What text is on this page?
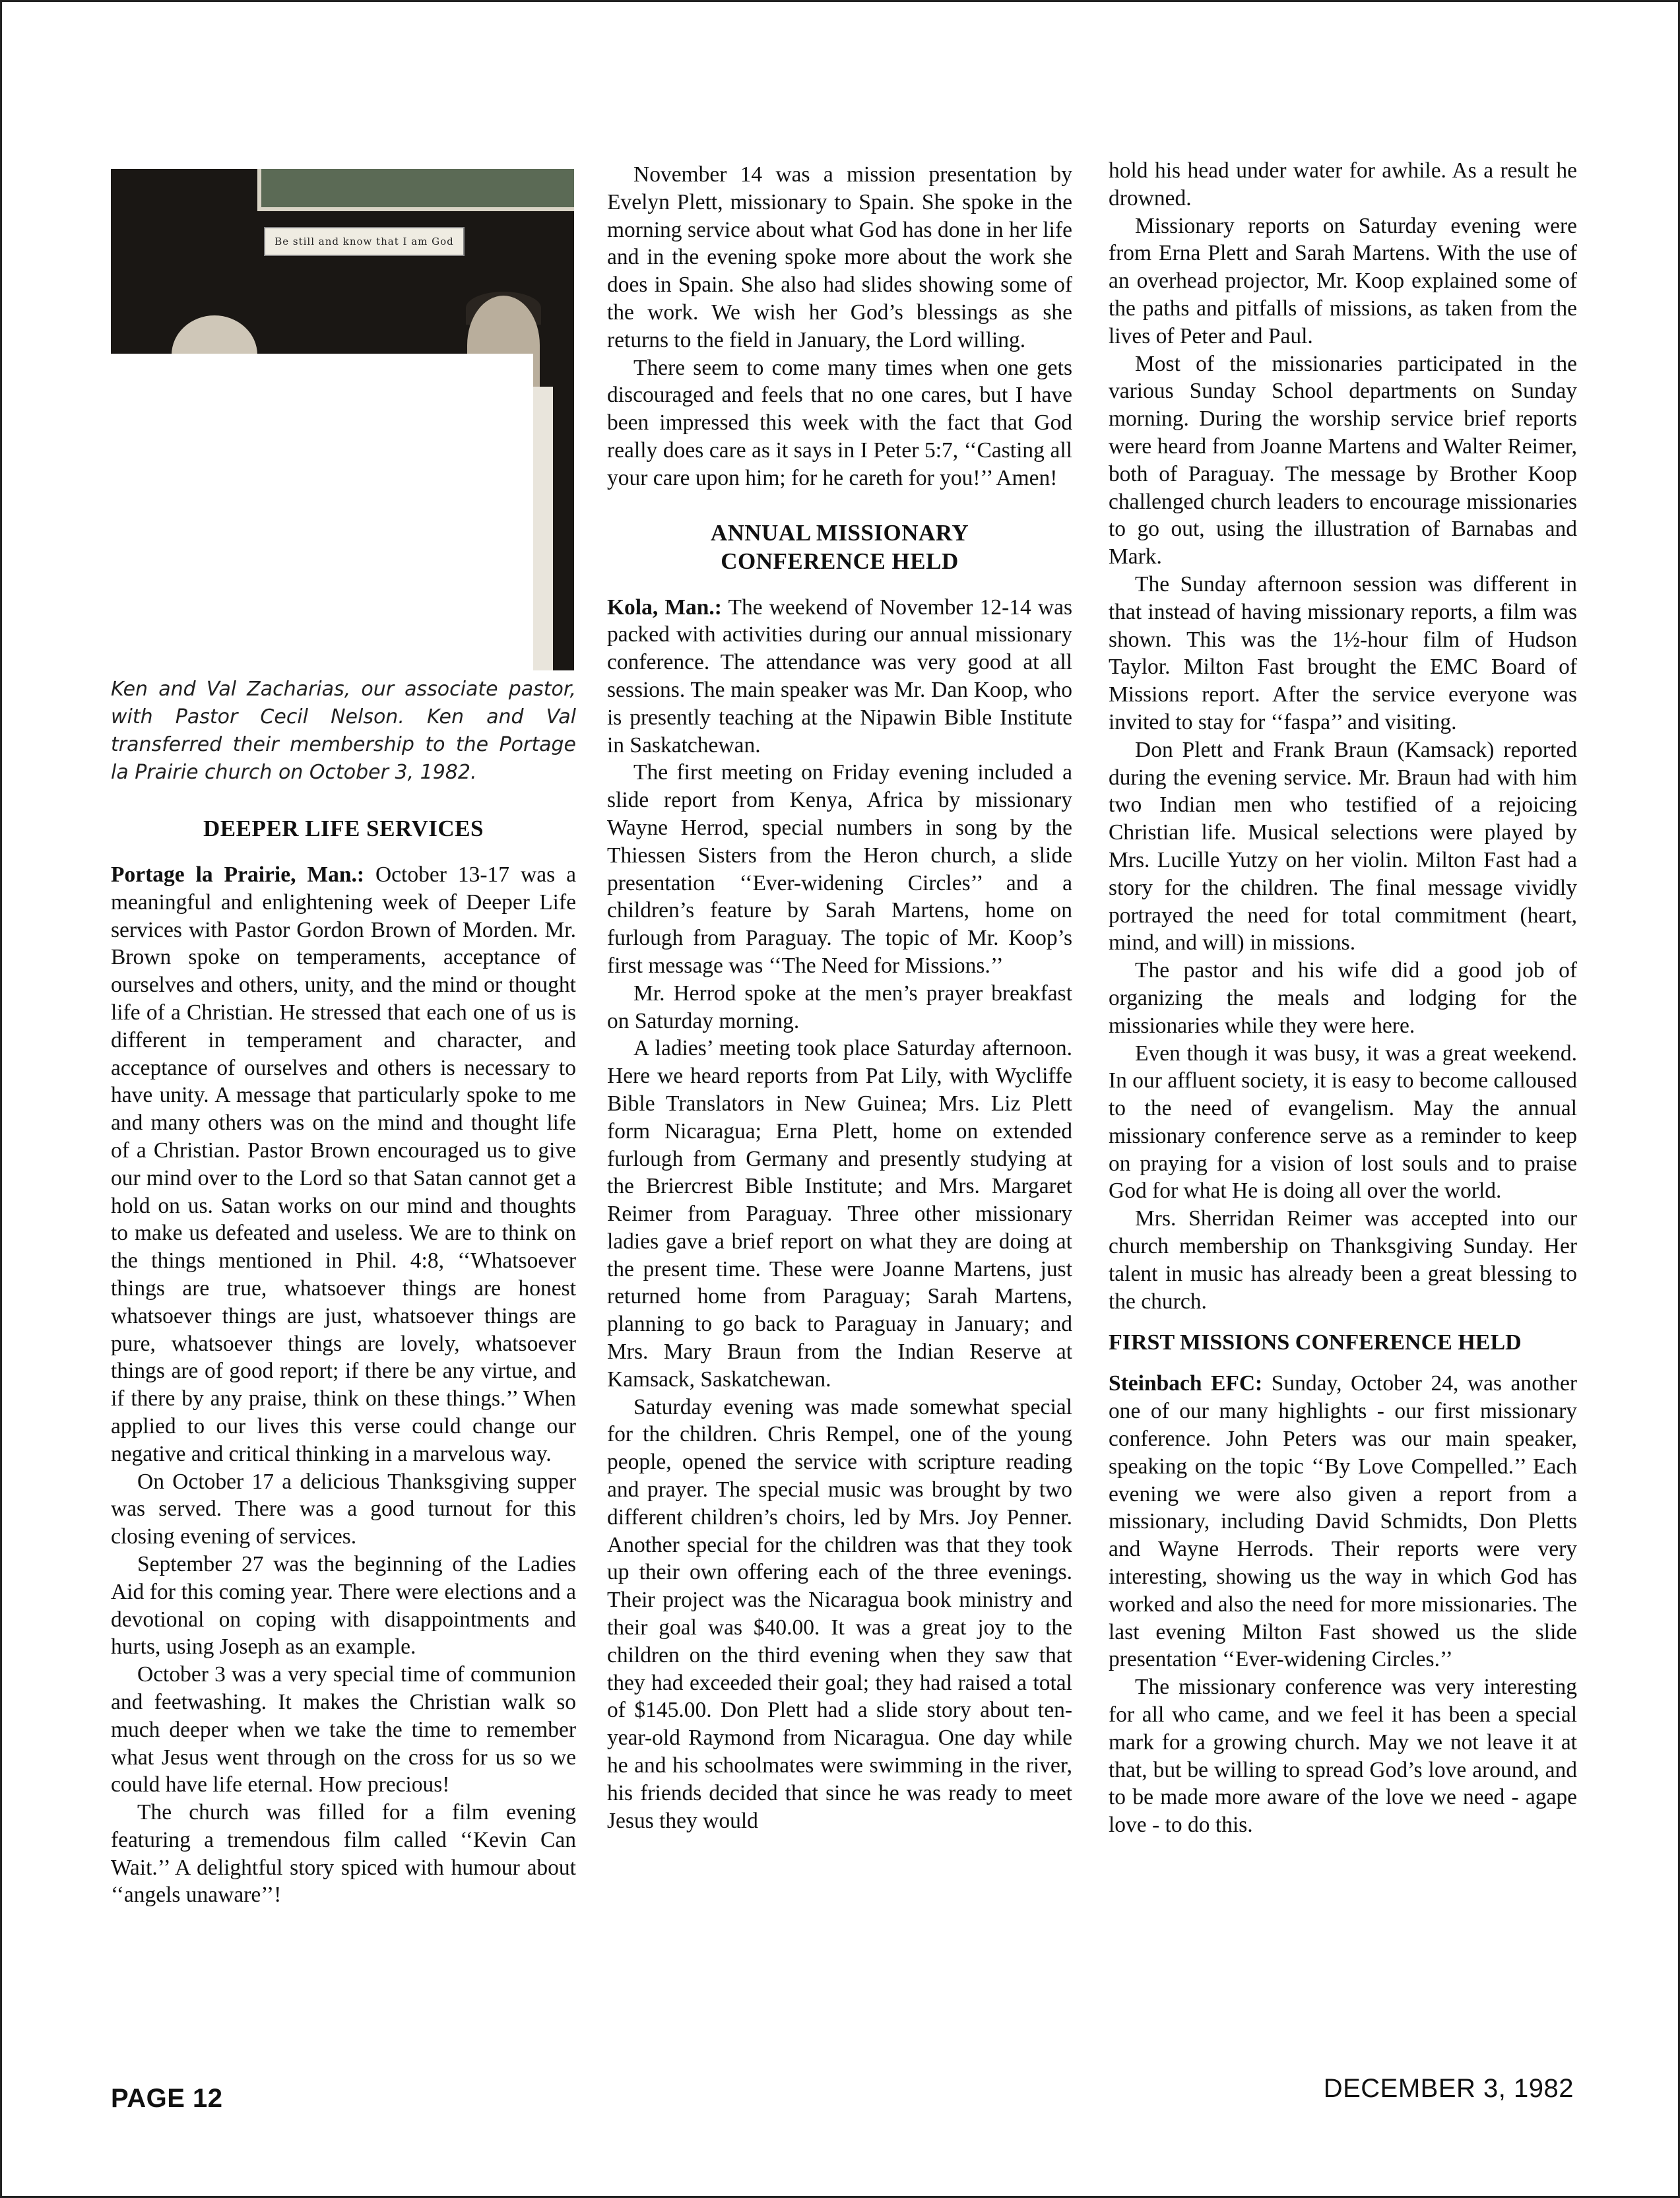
Be still and know that I am God

Ken and Val Zacharias, our associate pastor, with Pastor Cecil Nelson. Ken and Val transferred their membership to the Portage la Prairie church on October 3, 1982.

DEEPER LIFE SERVICES

Portage la Prairie, Man.: October 13-17 was a meaningful and enlightening week of Deeper Life services with Pastor Gordon Brown of Morden. Mr. Brown spoke on temperaments, acceptance of ourselves and others, unity, and the mind or thought life of a Christian. He stressed that each one of us is different in temperament and character, and acceptance of ourselves and others is necessary to have unity. A message that particularly spoke to me and many others was on the mind and thought life of a Christian. Pastor Brown encouraged us to give our mind over to the Lord so that Satan cannot get a hold on us. Satan works on our mind and thoughts to make us defeated and useless. We are to think on the things mentioned in Phil. 4:8, ‘‘Whatsoever things are true, whatsoever things are honest whatsoever things are just, whatsoever things are pure, whatsoever things are lovely, whatsoever things are of good report; if there be any virtue, and if there by any praise, think on these things.’’ When applied to our lives this verse could change our negative and critical thinking in a marvelous way.

On October 17 a delicious Thanksgiving supper was served. There was a good turnout for this closing evening of services.

September 27 was the beginning of the Ladies Aid for this coming year. There were elections and a devotional on coping with disappointments and hurts, using Joseph as an example.

October 3 was a very special time of communion and feetwashing. It makes the Christian walk so much deeper when we take the time to remember what Jesus went through on the cross for us so we could have life eternal. How precious!

The church was filled for a film evening featuring a tremendous film called ‘‘Kevin Can Wait.’’ A delightful story spiced with humour about ‘‘angels unaware’’!

November 14 was a mission presentation by Evelyn Plett, missionary to Spain. She spoke in the morning service about what God has done in her life and in the evening spoke more about the work she does in Spain. She also had slides showing some of the work. We wish her God’s blessings as she returns to the field in January, the Lord willing.

There seem to come many times when one gets discouraged and feels that no one cares, but I have been impressed this week with the fact that God really does care as it says in I Peter 5:7, ‘‘Casting all your care upon him; for he careth for you!’’ Amen!

ANNUAL MISSIONARY

CONFERENCE HELD

Kola, Man.: The weekend of November 12-14 was packed with activities during our annual missionary conference. The attendance was very good at all sessions. The main speaker was Mr. Dan Koop, who is presently teaching at the Nipawin Bible Institute in Saskatchewan.

The first meeting on Friday evening included a slide report from Kenya, Africa by missionary Wayne Herrod, special numbers in song by the Thiessen Sisters from the Heron church, a slide presentation ‘‘Ever-widening Circles’’ and a children’s feature by Sarah Martens, home on furlough from Paraguay. The topic of Mr. Koop’s first message was ‘‘The Need for Missions.’’

Mr. Herrod spoke at the men’s prayer breakfast on Saturday morning.

A ladies’ meeting took place Saturday afternoon. Here we heard reports from Pat Lily, with Wycliffe Bible Translators in New Guinea; Mrs. Liz Plett form Nicaragua; Erna Plett, home on extended furlough from Germany and presently studying at the Briercrest Bible Institute; and Mrs. Margaret Reimer from Paraguay. Three other missionary ladies gave a brief report on what they are doing at the present time. These were Joanne Martens, just returned home from Paraguay; Sarah Martens, planning to go back to Paraguay in January; and Mrs. Mary Braun from the Indian Reserve at Kamsack, Saskatchewan.

Saturday evening was made somewhat special for the children. Chris Rempel, one of the young people, opened the service with scripture reading and prayer. The special music was brought by two different children’s choirs, led by Mrs. Joy Penner. Another special for the children was that they took up their own offering each of the three evenings. Their project was the Nicaragua book ministry and their goal was $40.00. It was a great joy to the children on the third evening when they saw that they had exceeded their goal; they had raised a total of $145.00. Don Plett had a slide story about ten-year-old Raymond from Nicaragua. One day while he and his schoolmates were swimming in the river, his friends decided that since he was ready to meet Jesus they would

hold his head under water for awhile. As a result he drowned.

Missionary reports on Saturday evening were from Erna Plett and Sarah Martens. With the use of an overhead projector, Mr. Koop explained some of the paths and pitfalls of missions, as taken from the lives of Peter and Paul.

Most of the missionaries participated in the various Sunday School departments on Sunday morning. During the worship service brief reports were heard from Joanne Martens and Walter Reimer, both of Paraguay. The message by Brother Koop challenged church leaders to encourage missionaries to go out, using the illustration of Barnabas and Mark.

The Sunday afternoon session was different in that instead of having missionary reports, a film was shown. This was the 1½-hour film of Hudson Taylor. Milton Fast brought the EMC Board of Missions report. After the service everyone was invited to stay for ‘‘faspa’’ and visiting.

Don Plett and Frank Braun (Kamsack) reported during the evening service. Mr. Braun had with him two Indian men who testified of a rejoicing Christian life. Musical selections were played by Mrs. Lucille Yutzy on her violin. Milton Fast had a story for the children. The final message vividly portrayed the need for total commitment (heart, mind, and will) in missions.

The pastor and his wife did a good job of organizing the meals and lodging for the missionaries while they were here.

Even though it was busy, it was a great weekend. In our affluent society, it is easy to become calloused to the need of evangelism. May the annual missionary conference serve as a reminder to keep on praying for a vision of lost souls and to praise God for what He is doing all over the world.

Mrs. Sherridan Reimer was accepted into our church membership on Thanksgiving Sunday. Her talent in music has already been a great blessing to the church.

FIRST MISSIONS CONFERENCE HELD

Steinbach EFC: Sunday, October 24, was another one of our many highlights - our first missionary conference. John Peters was our main speaker, speaking on the topic ‘‘By Love Compelled.’’ Each evening we were also given a report from a missionary, including David Schmidts, Don Pletts and Wayne Herrods. Their reports were very interesting, showing us the way in which God has worked and also the need for more missionaries. The last evening Milton Fast showed us the slide presentation ‘‘Ever-widening Circles.’’

The missionary conference was very interesting for all who came, and we feel it has been a special mark for a growing church. May we not leave it at that, but be willing to spread God’s love around, and to be made more aware of the love we need - agape love - to do this.

PAGE 12	DECEMBER 3, 1982
